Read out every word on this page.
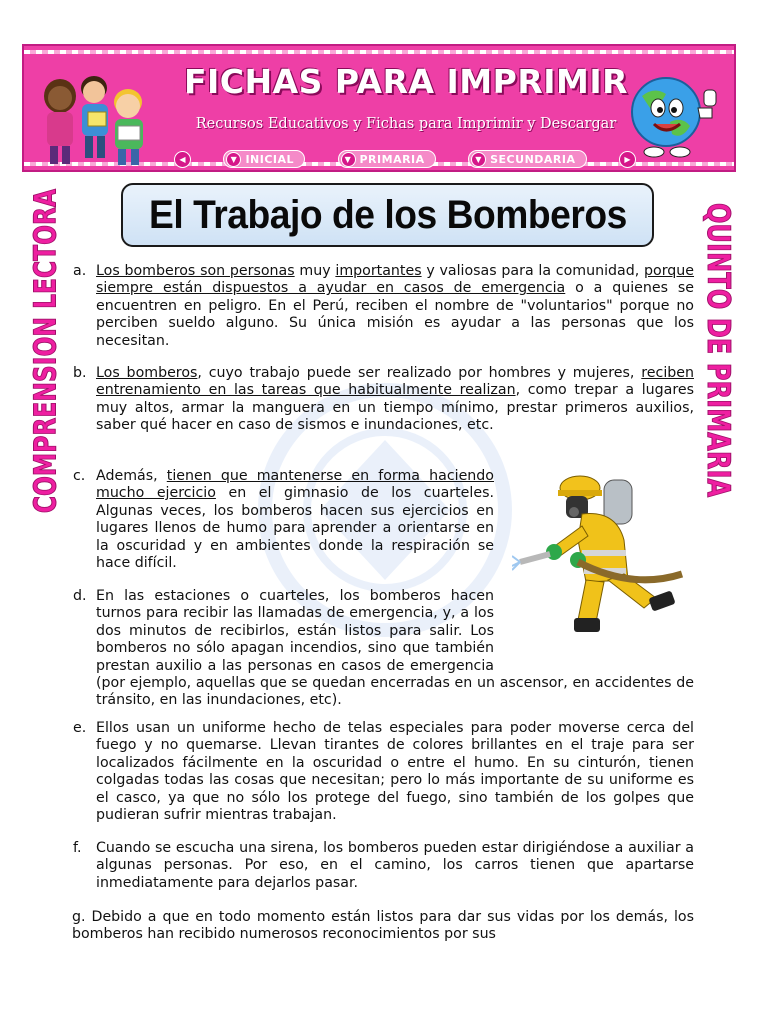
FICHAS PARA IMPRIMIR
Recursos Educativos y Fichas para Imprimir y Descargar
◀	▼ INICIAL	▼ PRIMARIA	▼ SECUNDARIA	▶
COMPRENSION LECTORA	QUINTO DE PRIMARIA
El Trabajo de los Bomberos
a. Los bomberos son personas muy importantes y valiosas para la comunidad, porque siempre están dispuestos a ayudar en casos de emergencia o a quienes se encuentren en peligro. En el Perú, reciben el nombre de "voluntarios" porque no perciben sueldo alguno. Su única misión es ayudar a las personas que los necesitan.
b. Los bomberos, cuyo trabajo puede ser realizado por hombres y mujeres, reciben entrenamiento en las tareas que habitualmente realizan, como trepar a lugares muy altos, armar la manguera en un tiempo mínimo, prestar primeros auxilios, saber qué hacer en caso de sismos e inundaciones, etc.
c. Además, tienen que mantenerse en forma haciendo mucho ejercicio en el gimnasio de los cuarteles. Algunas veces, los bomberos hacen sus ejercicios en lugares llenos de humo para aprender a orientarse en la oscuridad y en ambientes donde la respiración se hace difícil.
d. En las estaciones o cuarteles, los bomberos hacen turnos para recibir las llamadas de emergencia, y, a los dos minutos de recibirlos, están listos para salir. Los bomberos no sólo apagan incendios, sino que también prestan auxilio a las personas en casos de emergencia (por ejemplo, aquellas que se quedan encerradas en un ascensor, en accidentes de tránsito, en las inundaciones, etc).
e. Ellos usan un uniforme hecho de telas especiales para poder moverse cerca del fuego y no quemarse. Llevan tirantes de colores brillantes en el traje para ser localizados fácilmente en la oscuridad o entre el humo. En su cinturón, tienen colgadas todas las cosas que necesitan; pero lo más importante de su uniforme es el casco, ya que no sólo los protege del fuego, sino también de los golpes que pudieran sufrir mientras trabajan.
f. Cuando se escucha una sirena, los bomberos pueden estar dirigiéndose a auxiliar a algunas personas. Por eso, en el camino, los carros tienen que apartarse inmediatamente para dejarlos pasar.
g. Debido a que en todo momento están listos para dar sus vidas por los demás, los bomberos han recibido numerosos reconocimientos por sus
